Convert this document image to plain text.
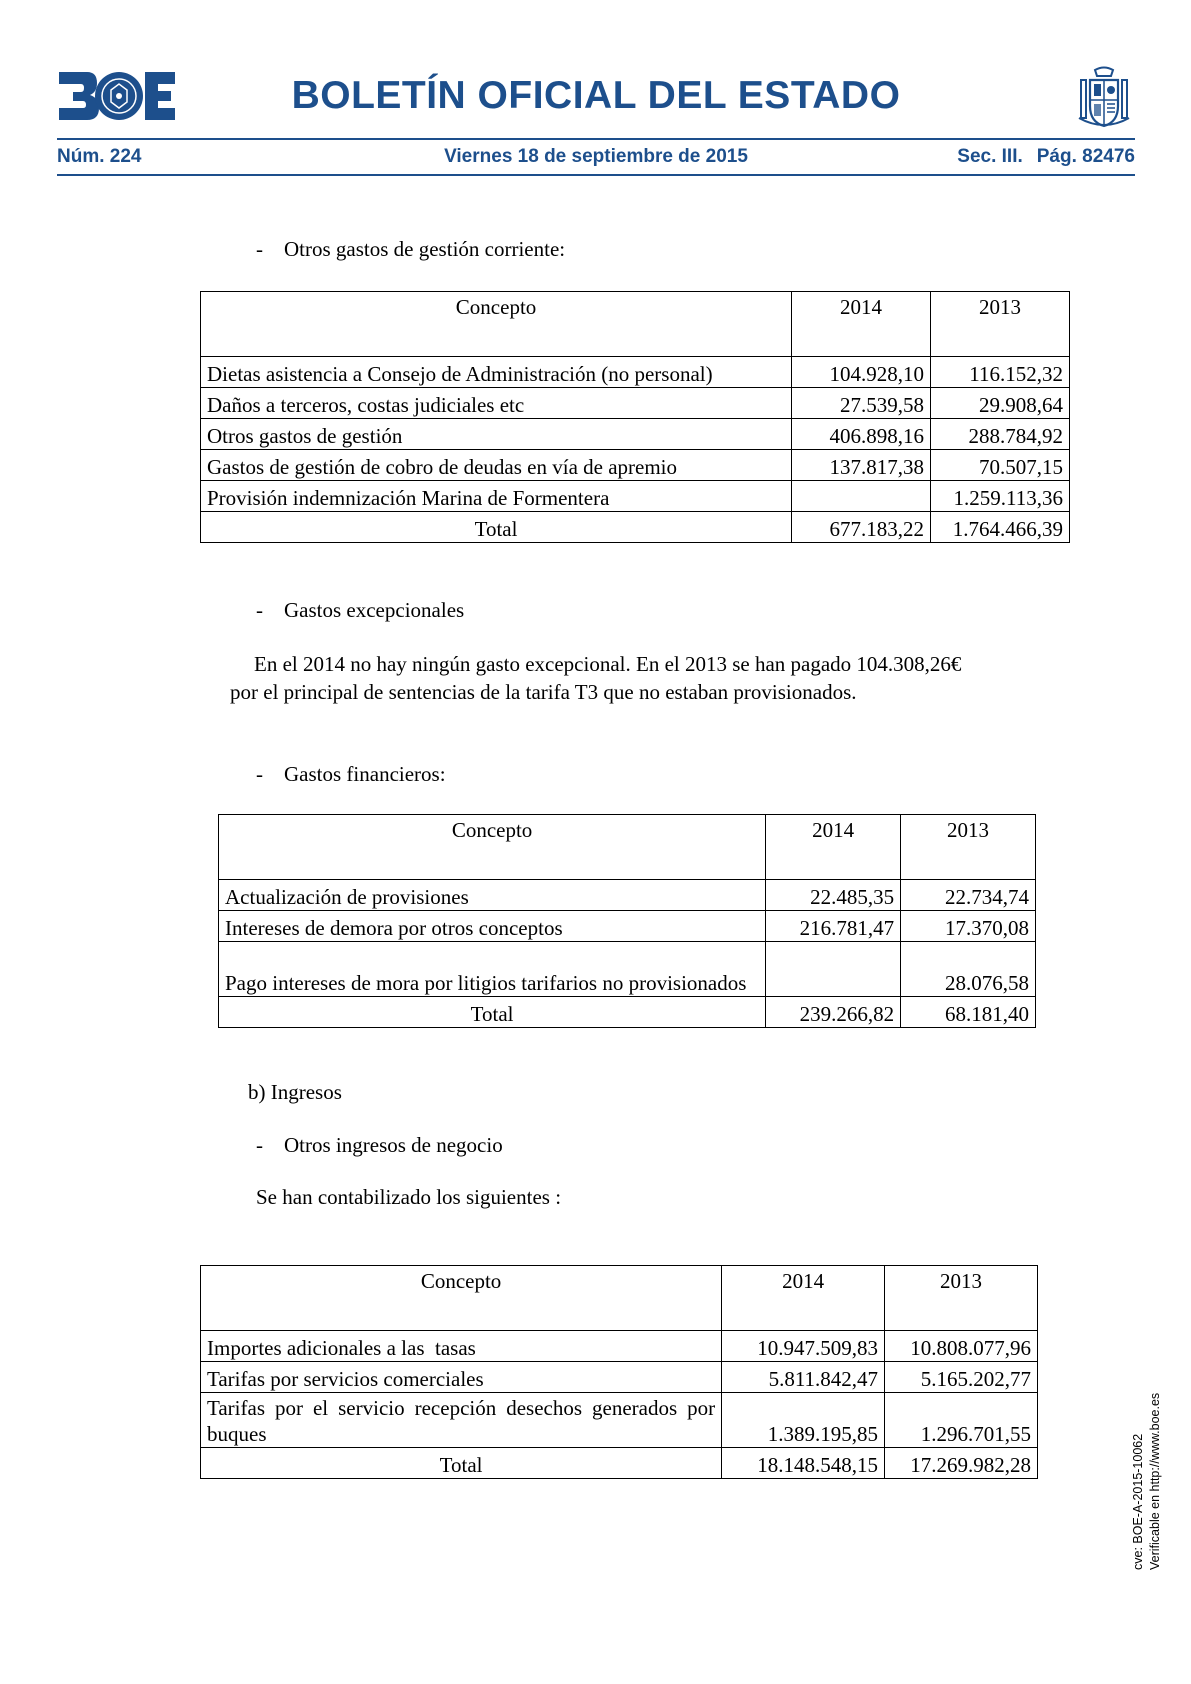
BOLETÍN OFICIAL DEL ESTADO
Núm. 224	Viernes 18 de septiembre de 2015	Sec. III. Pág. 82476
- Otros gastos de gestión corriente:
Concepto	2014	2013
Dietas asistencia a Consejo de Administración (no personal)	104.928,10	116.152,32
Daños a terceros, costas judiciales etc	27.539,58	29.908,64
Otros gastos de gestión	406.898,16	288.784,92
Gastos de gestión de cobro de deudas en vía de apremio	137.817,38	70.507,15
Provisión indemnización Marina de Formentera		1.259.113,36
Total	677.183,22	1.764.466,39
- Gastos excepcionales
En el 2014 no hay ningún gasto excepcional. En el 2013 se han pagado 104.308,26€
por el principal de sentencias de la tarifa T3 que no estaban provisionados.
- Gastos financieros:
Concepto	2014	2013
Actualización de provisiones	22.485,35	22.734,74
Intereses de demora por otros conceptos	216.781,47	17.370,08
Pago intereses de mora por litigios tarifarios no provisionados		28.076,58
Total	239.266,82	68.181,40
b) Ingresos
- Otros ingresos de negocio
Se han contabilizado los siguientes :
Concepto	2014	2013
Importes adicionales a las  tasas	10.947.509,83	10.808.077,96
Tarifas por servicios comerciales	5.811.842,47	5.165.202,77
Tarifas por el servicio recepción desechos generados por buques	1.389.195,85	1.296.701,55
Total	18.148.548,15	17.269.982,28	cve: BOE-A-2015-10062 Verificable en http://www.boe.es
